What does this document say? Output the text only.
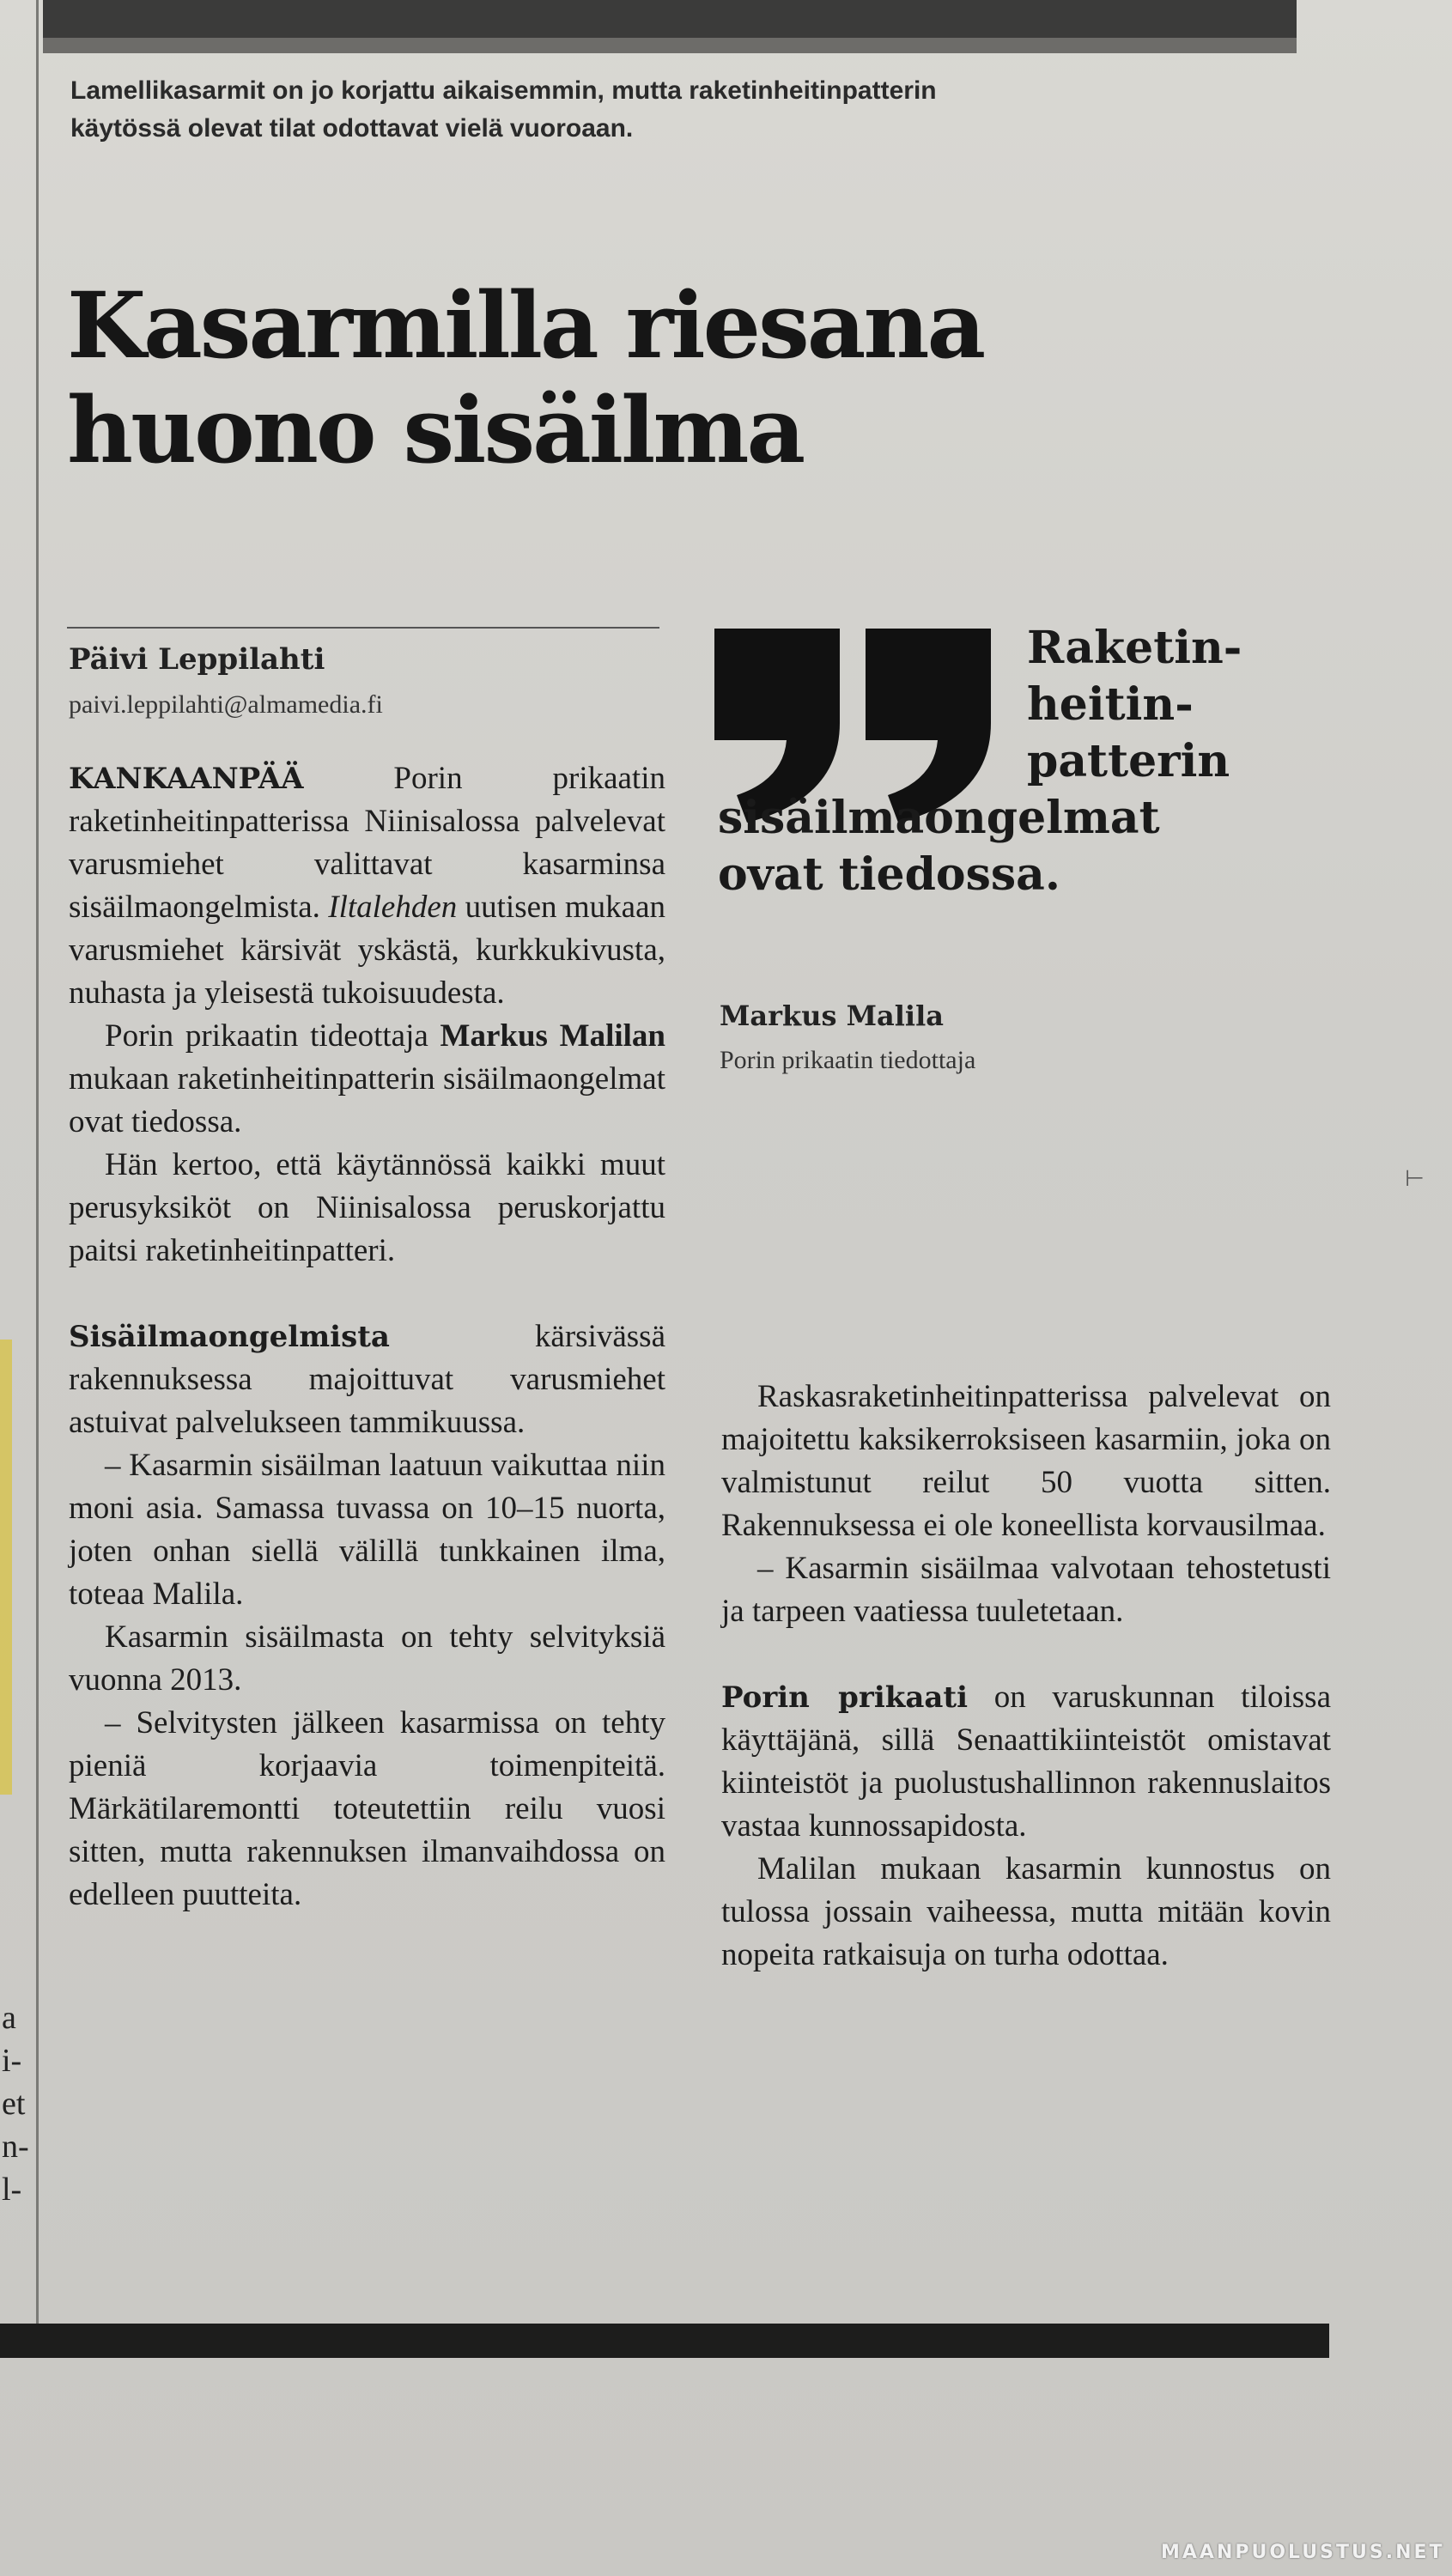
Lamellikasarmit on jo korjattu aikaisemmin, mutta raketinheitinpatterin
käytössä olevat tilat odottavat vielä vuoroaan.
Kasarmilla riesana
huono sisäilma
Päivi Leppilahti
paivi.leppilahti@almamedia.fi
Raketin-
heitin-
patterin
sisäilmaongelmat
ovat tiedossa.
Markus Malila
Porin prikaatin tiedottaja

KANKAANPÄÄ Porin prikaatin raketinheitinpatterissa Niinisalossa palvelevat varusmiehet valittavat kasarminsa sisäilmaongelmista. Iltalehden uutisen mukaan varusmiehet kärsivät yskästä, kurkkukivusta, nuhasta ja yleisestä tukoisuudesta.

Porin prikaatin tideottaja Markus Malilan mukaan raketinheitinpatterin sisäilmaongelmat ovat tiedossa.

Hän kertoo, että käytännössä kaikki muut perusyksiköt on Niinisalossa peruskorjattu paitsi raketinheitinpatteri.

Sisäilmaongelmista kärsivässä rakennuksessa majoittuvat varusmiehet astuivat palvelukseen tammikuussa.

– Kasarmin sisäilman laatuun vaikuttaa niin moni asia. Samassa tuvassa on 10–15 nuorta, joten onhan siellä välillä tunkkainen ilma, toteaa Malila.

Kasarmin sisäilmasta on tehty selvityksiä vuonna 2013.

– Selvitysten jälkeen kasarmissa on tehty pieniä korjaavia toimenpiteitä. Märkätilaremontti toteutettiin reilu vuosi sitten, mutta rakennuksen ilmanvaihdossa on edelleen puutteita.

Raskasraketinheitinpatterissa palvelevat on majoitettu kaksikerroksiseen kasarmiin, joka on valmistunut reilut 50 vuotta sitten. Rakennuksessa ei ole koneellista korvausilmaa.

– Kasarmin sisäilmaa valvotaan tehostetusti ja tarpeen vaatiessa tuuletetaan.

Porin prikaati on varuskunnan tiloissa käyttäjänä, sillä Senaattikiinteistöt omistavat kiinteistöt ja puolustushallinnon rakennuslaitos vastaa kunnossapidosta.

Malilan mukaan kasarmin kunnostus on tulossa jossain vaiheessa, mutta mitään kovin nopeita ratkaisuja on turha odottaa.

a
i-
et
n-
l-
⊢
MAANPUOLUSTUS.NET
